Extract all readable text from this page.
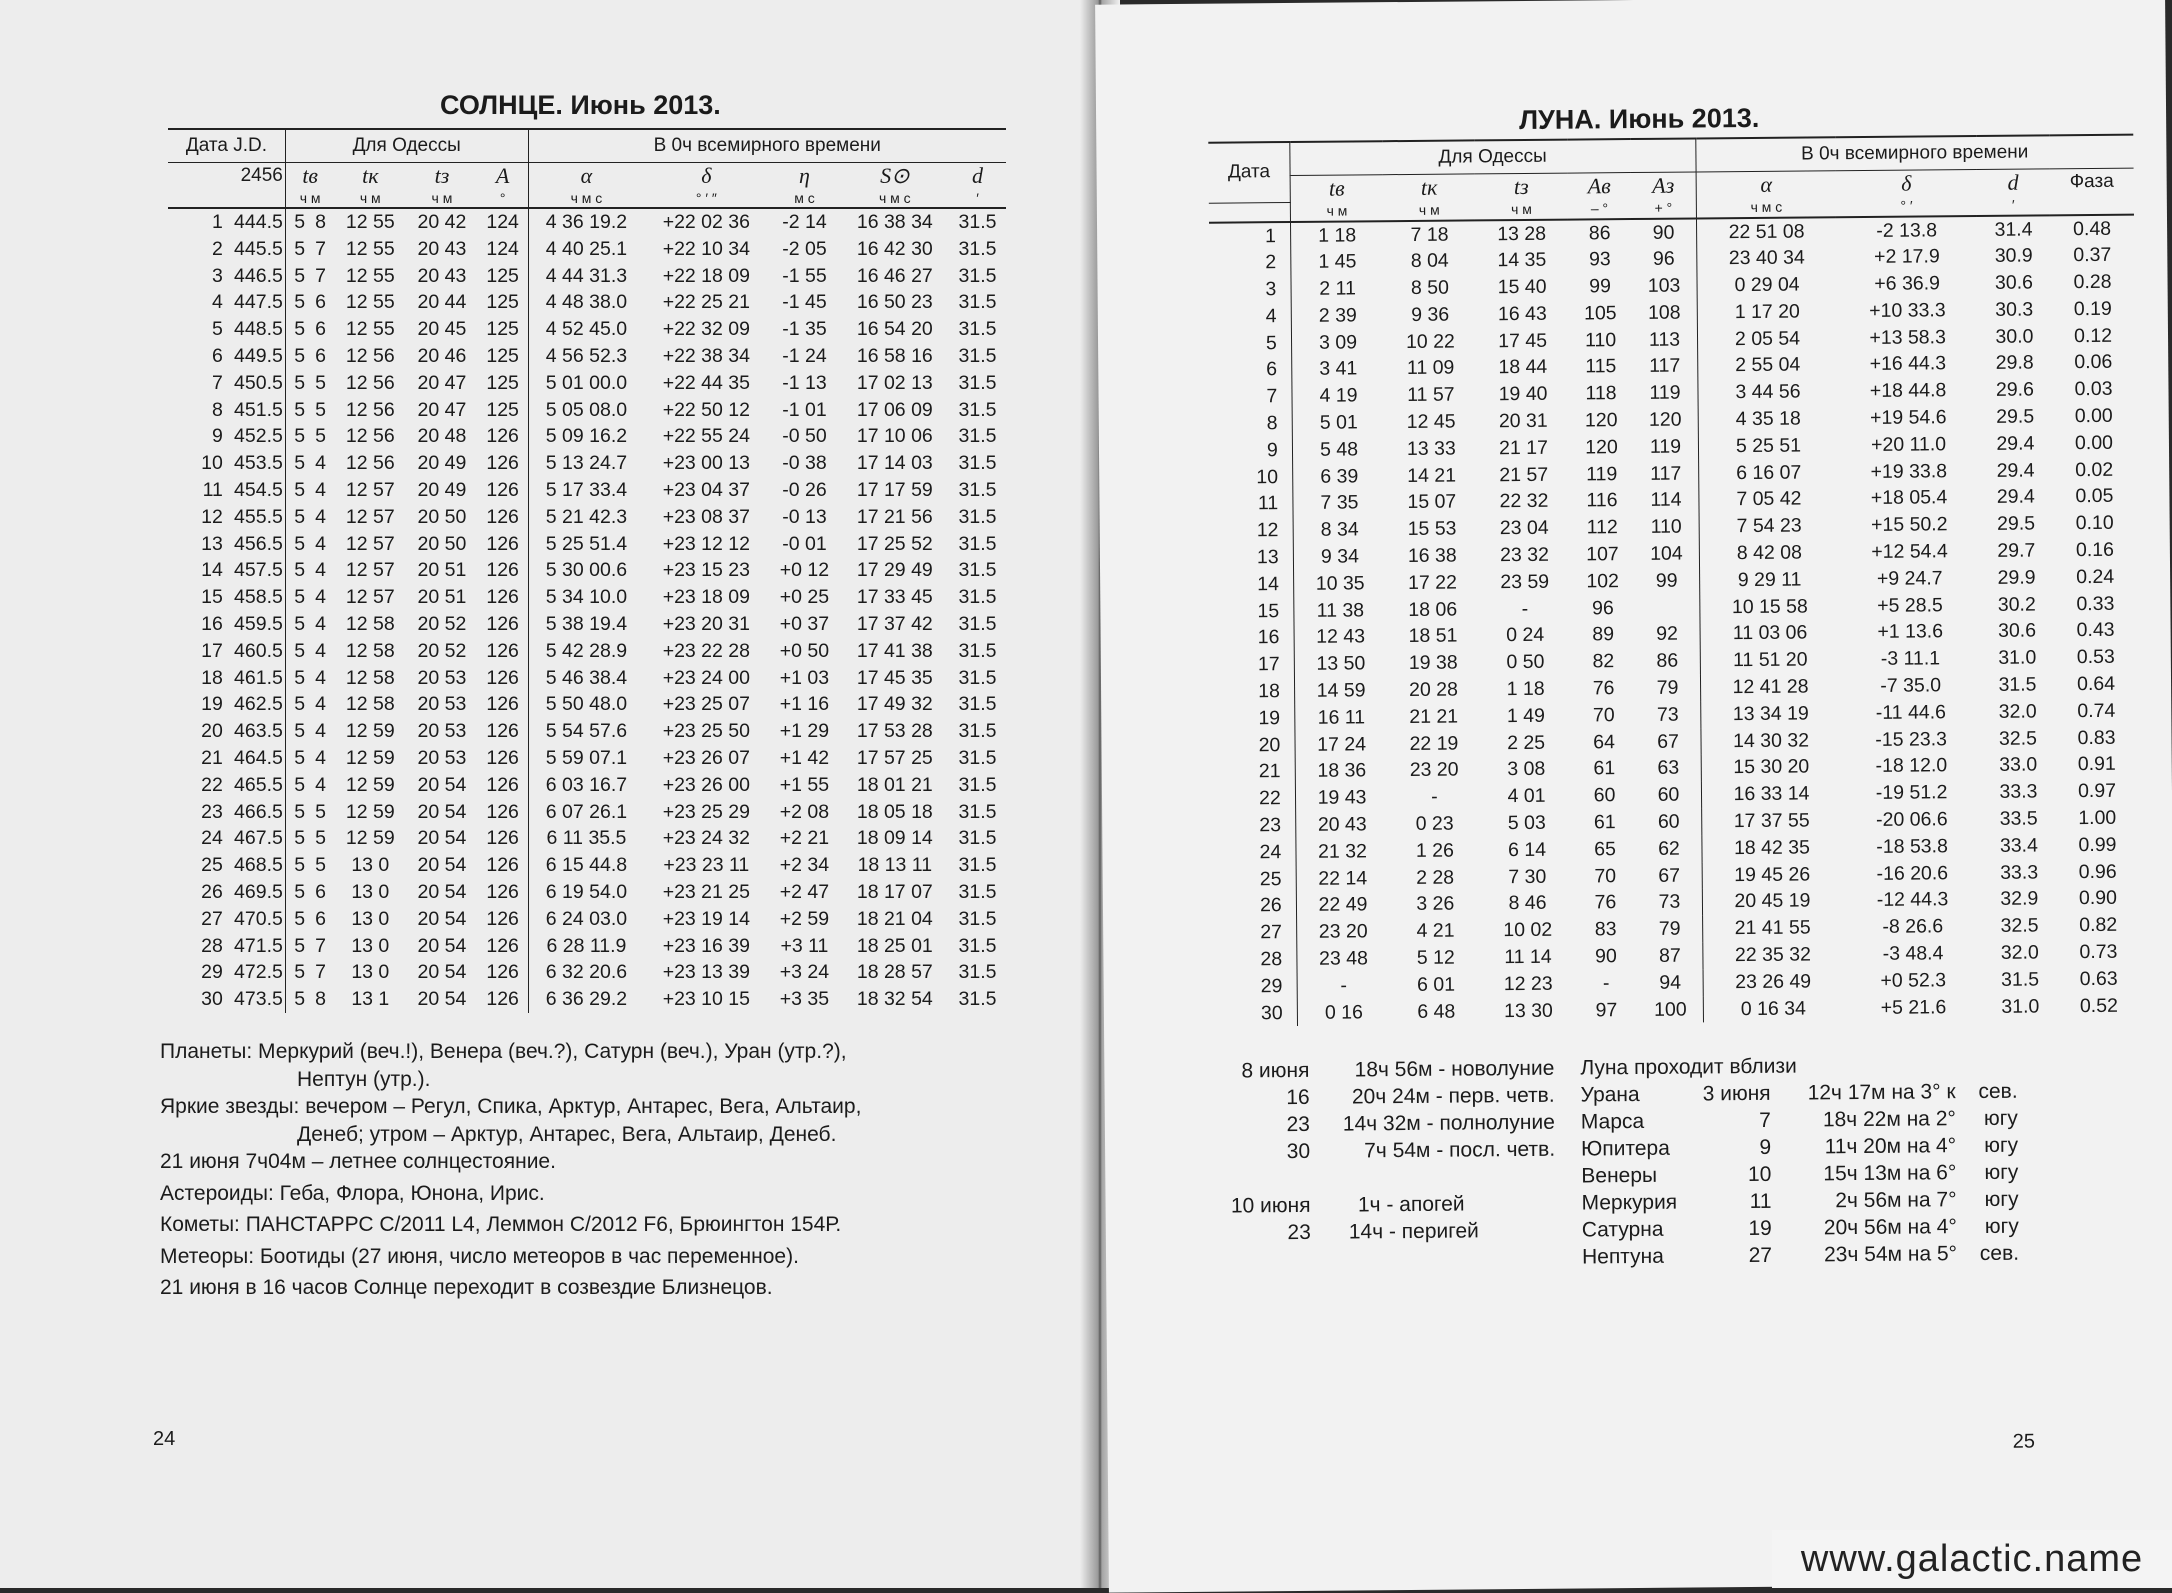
СОЛНЦЕ. Июнь 2013.
Дата J.D.	Для Одессы				В 0ч всемирного времени				
2456	tв	tк	tз	A	α	δ	η	S⊙	d
	ч м	ч м	ч м	°	ч м с	° ′ ″	м с	ч м с	′
1 444.5	5 8	12 55	20 42	124	4 36 19.2	+22 02 36	-2 14	16 38 34	31.5
2 445.5	5 7	12 55	20 43	124	4 40 25.1	+22 10 34	-2 05	16 42 30	31.5
3 446.5	5 7	12 55	20 43	125	4 44 31.3	+22 18 09	-1 55	16 46 27	31.5
4 447.5	5 6	12 55	20 44	125	4 48 38.0	+22 25 21	-1 45	16 50 23	31.5
5 448.5	5 6	12 55	20 45	125	4 52 45.0	+22 32 09	-1 35	16 54 20	31.5
6 449.5	5 6	12 56	20 46	125	4 56 52.3	+22 38 34	-1 24	16 58 16	31.5
7 450.5	5 5	12 56	20 47	125	5 01 00.0	+22 44 35	-1 13	17 02 13	31.5
8 451.5	5 5	12 56	20 47	125	5 05 08.0	+22 50 12	-1 01	17 06 09	31.5
9 452.5	5 5	12 56	20 48	126	5 09 16.2	+22 55 24	-0 50	17 10 06	31.5
10 453.5	5 4	12 56	20 49	126	5 13 24.7	+23 00 13	-0 38	17 14 03	31.5
11 454.5	5 4	12 57	20 49	126	5 17 33.4	+23 04 37	-0 26	17 17 59	31.5
12 455.5	5 4	12 57	20 50	126	5 21 42.3	+23 08 37	-0 13	17 21 56	31.5
13 456.5	5 4	12 57	20 50	126	5 25 51.4	+23 12 12	-0 01	17 25 52	31.5
14 457.5	5 4	12 57	20 51	126	5 30 00.6	+23 15 23	+0 12	17 29 49	31.5
15 458.5	5 4	12 57	20 51	126	5 34 10.0	+23 18 09	+0 25	17 33 45	31.5
16 459.5	5 4	12 58	20 52	126	5 38 19.4	+23 20 31	+0 37	17 37 42	31.5
17 460.5	5 4	12 58	20 52	126	5 42 28.9	+23 22 28	+0 50	17 41 38	31.5
18 461.5	5 4	12 58	20 53	126	5 46 38.4	+23 24 00	+1 03	17 45 35	31.5
19 462.5	5 4	12 58	20 53	126	5 50 48.0	+23 25 07	+1 16	17 49 32	31.5
20 463.5	5 4	12 59	20 53	126	5 54 57.6	+23 25 50	+1 29	17 53 28	31.5
21 464.5	5 4	12 59	20 53	126	5 59 07.1	+23 26 07	+1 42	17 57 25	31.5
22 465.5	5 4	12 59	20 54	126	6 03 16.7	+23 26 00	+1 55	18 01 21	31.5
23 466.5	5 5	12 59	20 54	126	6 07 26.1	+23 25 29	+2 08	18 05 18	31.5
24 467.5	5 5	12 59	20 54	126	6 11 35.5	+23 24 32	+2 21	18 09 14	31.5
25 468.5	5 5	13 0	20 54	126	6 15 44.8	+23 23 11	+2 34	18 13 11	31.5
26 469.5	5 6	13 0	20 54	126	6 19 54.0	+23 21 25	+2 47	18 17 07	31.5
27 470.5	5 6	13 0	20 54	126	6 24 03.0	+23 19 14	+2 59	18 21 04	31.5
28 471.5	5 7	13 0	20 54	126	6 28 11.9	+23 16 39	+3 11	18 25 01	31.5
29 472.5	5 7	13 0	20 54	126	6 32 20.6	+23 13 39	+3 24	18 28 57	31.5
30 473.5	5 8	13 1	20 54	126	6 36 29.2	+23 10 15	+3 35	18 32 54	31.5
Планеты: Меркурий (веч.!), Венера (веч.?), Сатурн (веч.), Уран (утр.?),
Нептун (утр.).
Яркие звезды: вечером – Регул, Спика, Арктур, Антарес, Вега, Альтаир,
Денеб; утром – Арктур, Антарес, Вега, Альтаир, Денеб.
21 июня 7ч04м – летнее солнцестояние.
Астероиды: Геба, Флора, Юнона, Ирис.
Кометы: ПАНСТАРРС С/2011 L4, Леммон С/2012 F6, Брюингтон 154Р.
Метеоры: Боотиды (27 июня, число метеоров в час переменное).
21 июня в 16 часов Солнце переходит в созвездие Близнецов.
24
ЛУНА. Июнь 2013.
Дата	Для Одессы					В 0ч всемирного времени			
	tв	tк	tз	Aв	Aз	α	δ	d	Фаза
	ч м	ч м	ч м	– °	+ °	ч м с	° ′	′	
1	1 18	7 18	13 28	86	90	22 51 08	-2 13.8	31.4	0.48
2	1 45	8 04	14 35	93	96	23 40 34	+2 17.9	30.9	0.37
3	2 11	8 50	15 40	99	103	0 29 04	+6 36.9	30.6	0.28
4	2 39	9 36	16 43	105	108	1 17 20	+10 33.3	30.3	0.19
5	3 09	10 22	17 45	110	113	2 05 54	+13 58.3	30.0	0.12
6	3 41	11 09	18 44	115	117	2 55 04	+16 44.3	29.8	0.06
7	4 19	11 57	19 40	118	119	3 44 56	+18 44.8	29.6	0.03
8	5 01	12 45	20 31	120	120	4 35 18	+19 54.6	29.5	0.00
9	5 48	13 33	21 17	120	119	5 25 51	+20 11.0	29.4	0.00
10	6 39	14 21	21 57	119	117	6 16 07	+19 33.8	29.4	0.02
11	7 35	15 07	22 32	116	114	7 05 42	+18 05.4	29.4	0.05
12	8 34	15 53	23 04	112	110	7 54 23	+15 50.2	29.5	0.10
13	9 34	16 38	23 32	107	104	8 42 08	+12 54.4	29.7	0.16
14	10 35	17 22	23 59	102	99	9 29 11	+9 24.7	29.9	0.24
15	11 38	18 06	-	96		10 15 58	+5 28.5	30.2	0.33
16	12 43	18 51	0 24	89	92	11 03 06	+1 13.6	30.6	0.43
17	13 50	19 38	0 50	82	86	11 51 20	-3 11.1	31.0	0.53
18	14 59	20 28	1 18	76	79	12 41 28	-7 35.0	31.5	0.64
19	16 11	21 21	1 49	70	73	13 34 19	-11 44.6	32.0	0.74
20	17 24	22 19	2 25	64	67	14 30 32	-15 23.3	32.5	0.83
21	18 36	23 20	3 08	61	63	15 30 20	-18 12.0	33.0	0.91
22	19 43	-	4 01	60	60	16 33 14	-19 51.2	33.3	0.97
23	20 43	0 23	5 03	61	60	17 37 55	-20 06.6	33.5	1.00
24	21 32	1 26	6 14	65	62	18 42 35	-18 53.8	33.4	0.99
25	22 14	2 28	7 30	70	67	19 45 26	-16 20.6	33.3	0.96
26	22 49	3 26	8 46	76	73	20 45 19	-12 44.3	32.9	0.90
27	23 20	4 21	10 02	83	79	21 41 55	-8 26.6	32.5	0.82
28	23 48	5 12	11 14	90	87	22 35 32	-3 48.4	32.0	0.73
29	-	6 01	12 23	-	94	23 26 49	+0 52.3	31.5	0.63
30	0 16	6 48	13 30	97	100	0 16 34	+5 21.6	31.0	0.52
8 июня 18ч 56м - новолуние
16 20ч 24м - перв. четв.
23 14ч 32м - полнолуние
30	7ч 54м - посл. четв.
10 июня 1ч - апогей
23 14ч - перигей
Луна проходит вблизи
Урана	3 июня 12ч 17м на 3° к сев.
Марса	7 18ч 22м на 2° югу
Юпитера	9	11ч 20м на 4° югу
Венеры	10 15ч 13м на 6° югу
Меркурия	11	2ч 56м на 7° югу
Сатурна	19 20ч 56м на 4° югу
Нептуна	27 23ч 54м на 5° сев.
25
www.galactic.name
